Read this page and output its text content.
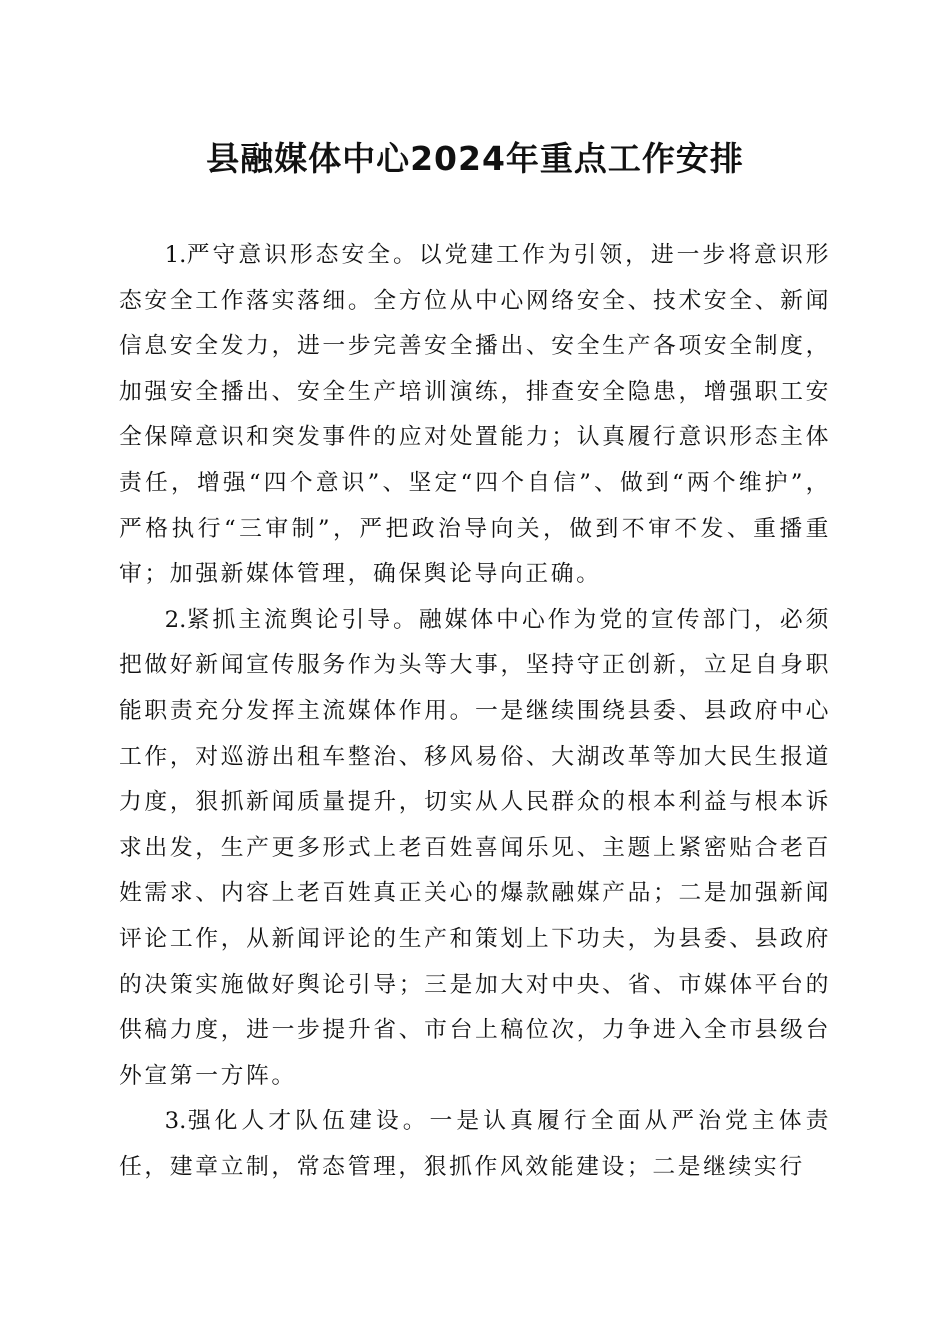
县融媒体中心2024年重点工作安排

1.严守意识形态安全。以党建工作为引领，进一步将意识形态安全工作落实落细。全方位从中心网络安全、技术安全、新闻信息安全发力，进一步完善安全播出、安全生产各项安全制度，加强安全播出、安全生产培训演练，排查安全隐患，增强职工安全保障意识和突发事件的应对处置能力；认真履行意识形态主体责任，增强“四个意识”、坚定“四个自信”、做到“两个维护”，严格执行“三审制”，严把政治导向关，做到不审不发、重播重审；加强新媒体管理，确保舆论导向正确。

2.紧抓主流舆论引导。融媒体中心作为党的宣传部门，必须把做好新闻宣传服务作为头等大事，坚持守正创新，立足自身职能职责充分发挥主流媒体作用。一是继续围绕县委、县政府中心工作，对巡游出租车整治、移风易俗、大湖改革等加大民生报道力度，狠抓新闻质量提升，切实从人民群众的根本利益与根本诉求出发，生产更多形式上老百姓喜闻乐见、主题上紧密贴合老百姓需求、内容上老百姓真正关心的爆款融媒产品；二是加强新闻评论工作，从新闻评论的生产和策划上下功夫，为县委、县政府的决策实施做好舆论引导；三是加大对中央、省、市媒体平台的供稿力度，进一步提升省、市台上稿位次，力争进入全市县级台外宣第一方阵。

3.强化人才队伍建设。一是认真履行全面从严治党主体责任，建章立制，常态管理，狠抓作风效能建设；二是继续实行
